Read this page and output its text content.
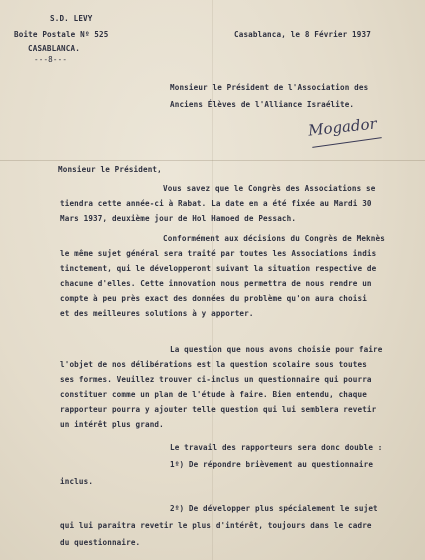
S.D. LEVY
Boite Postale Nº 525
CASABLANCA.
---8---
Casablanca, le 8 Février 1937
Monsieur le Président de l'Association des
Anciens Élèves de l'Alliance Israélite.
Mogador
Monsieur le Président,
Vous savez que le Congrès des Associations se
tiendra cette année-ci à Rabat. La date en a été fixée au Mardi 30
Mars 1937, deuxième jour de Hol Hamoed de Pessach.
Conformément aux décisions du Congrès de Meknès
le même sujet général sera traité par toutes les Associations indis
tinctement, qui le développeront suivant la situation respective de
chacune d'elles. Cette innovation nous permettra de nous rendre un
compte à peu près exact des données du problème qu'on aura choisi
et des meilleures solutions à y apporter.
La question que nous avons choisie pour faire
l'objet de nos délibérations est la question scolaire sous toutes
ses formes. Veuillez trouver ci-inclus un questionnaire qui pourra
constituer comme un plan de l'étude à faire. Bien entendu, chaque
rapporteur pourra y ajouter telle question qui lui semblera revetir
un intérêt plus grand.
Le travail des rapporteurs sera donc double :
1º) De répondre brièvement au questionnaire
inclus.
2º) De développer plus spécialement le sujet
qui lui paraitra revetir le plus d'intérêt, toujours dans le cadre
du questionnaire.
